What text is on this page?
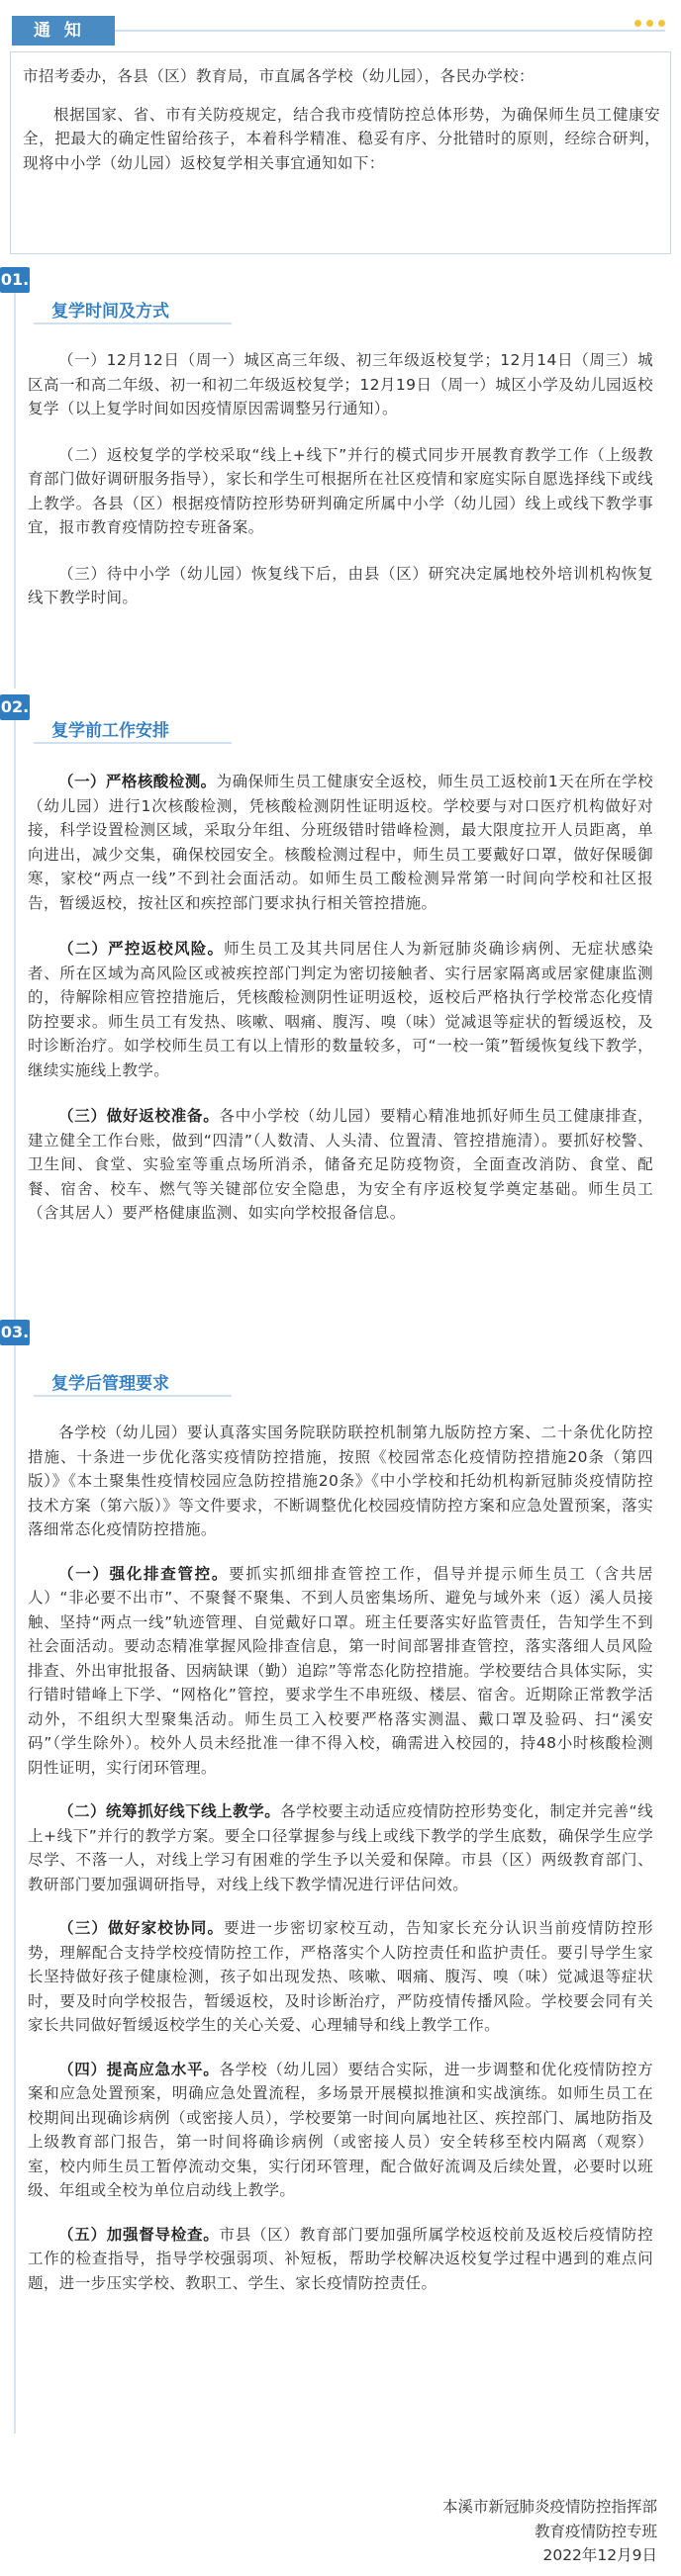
通 知

市招考委办，各县（区）教育局，市直属各学校（幼儿园），各民办学校：

根据国家、省、市有关防疫规定，结合我市疫情防控总体形势，为确保师生员工健康安全，把最大的确定性留给孩子，本着科学精准、稳妥有序、分批错时的原则，经综合研判，现将中小学（幼儿园）返校复学相关事宜通知如下：

01.
复学时间及方式

（一）12月12日（周一）城区高三年级、初三年级返校复学；12月14日（周三）城区高一和高二年级、初一和初二年级返校复学；12月19日（周一）城区小学及幼儿园返校复学（以上复学时间如因疫情原因需调整另行通知）。

（二）返校复学的学校采取“线上+线下”并行的模式同步开展教育教学工作（上级教育部门做好调研服务指导），家长和学生可根据所在社区疫情和家庭实际自愿选择线下或线上教学。各县（区）根据疫情防控形势研判确定所属中小学（幼儿园）线上或线下教学事宜，报市教育疫情防控专班备案。

（三）待中小学（幼儿园）恢复线下后，由县（区）研究决定属地校外培训机构恢复线下教学时间。

02.
复学前工作安排

（一）严格核酸检测。为确保师生员工健康安全返校，师生员工返校前1天在所在学校（幼儿园）进行1次核酸检测，凭核酸检测阴性证明返校。学校要与对口医疗机构做好对接，科学设置检测区域，采取分年组、分班级错时错峰检测，最大限度拉开人员距离，单向进出，减少交集，确保校园安全。核酸检测过程中，师生员工要戴好口罩，做好保暖御寒，家校“两点一线”不到社会面活动。如师生员工酸检测异常第一时间向学校和社区报告，暂缓返校，按社区和疾控部门要求执行相关管控措施。

（二）严控返校风险。师生员工及其共同居住人为新冠肺炎确诊病例、无症状感染者、所在区域为高风险区或被疾控部门判定为密切接触者、实行居家隔离或居家健康监测的，待解除相应管控措施后，凭核酸检测阴性证明返校，返校后严格执行学校常态化疫情防控要求。师生员工有发热、咳嗽、咽痛、腹泻、嗅（味）觉减退等症状的暂缓返校，及时诊断治疗。如学校师生员工有以上情形的数量较多，可“一校一策”暂缓恢复线下教学，继续实施线上教学。

（三）做好返校准备。各中小学校（幼儿园）要精心精准地抓好师生员工健康排查，建立健全工作台账，做到“四清”（人数清、人头清、位置清、管控措施清）。要抓好校警、卫生间、食堂、实验室等重点场所消杀，储备充足防疫物资，全面查改消防、食堂、配餐、宿舍、校车、燃气等关键部位安全隐患，为安全有序返校复学奠定基础。师生员工（含其居人）要严格健康监测、如实向学校报备信息。

03.
复学后管理要求

各学校（幼儿园）要认真落实国务院联防联控机制第九版防控方案、二十条优化防控措施、十条进一步优化落实疫情防控措施，按照《校园常态化疫情防控措施20条（第四版）》《本土聚集性疫情校园应急防控措施20条》《中小学校和托幼机构新冠肺炎疫情防控技术方案（第六版）》等文件要求，不断调整优化校园疫情防控方案和应急处置预案，落实落细常态化疫情防控措施。

（一）强化排查管控。要抓实抓细排查管控工作，倡导并提示师生员工（含共居人）“非必要不出市”、不聚餐不聚集、不到人员密集场所、避免与域外来（返）溪人员接触、坚持“两点一线”轨迹管理、自觉戴好口罩。班主任要落实好监管责任，告知学生不到社会面活动。要动态精准掌握风险排查信息，第一时间部署排查管控，落实落细人员风险排查、外出审批报备、因病缺课（勤）追踪”等常态化防控措施。学校要结合具体实际，实行错时错峰上下学、“网格化”管控，要求学生不串班级、楼层、宿舍。近期除正常教学活动外，不组织大型聚集活动。师生员工入校要严格落实测温、戴口罩及验码、扫“溪安码”（学生除外）。校外人员未经批准一律不得入校，确需进入校园的，持48小时核酸检测阴性证明，实行闭环管理。

（二）统筹抓好线下线上教学。各学校要主动适应疫情防控形势变化，制定并完善“线上+线下”并行的教学方案。要全口径掌握参与线上或线下教学的学生底数，确保学生应学尽学、不落一人，对线上学习有困难的学生予以关爱和保障。市县（区）两级教育部门、教研部门要加强调研指导，对线上线下教学情况进行评估问效。

（三）做好家校协同。要进一步密切家校互动，告知家长充分认识当前疫情防控形势，理解配合支持学校疫情防控工作，严格落实个人防控责任和监护责任。要引导学生家长坚持做好孩子健康检测，孩子如出现发热、咳嗽、咽痛、腹泻、嗅（味）觉减退等症状时，要及时向学校报告，暂缓返校，及时诊断治疗，严防疫情传播风险。学校要会同有关家长共同做好暂缓返校学生的关心关爱、心理辅导和线上教学工作。

（四）提高应急水平。各学校（幼儿园）要结合实际，进一步调整和优化疫情防控方案和应急处置预案，明确应急处置流程，多场景开展模拟推演和实战演练。如师生员工在校期间出现确诊病例（或密接人员），学校要第一时间向属地社区、疾控部门、属地防指及上级教育部门报告，第一时间将确诊病例（或密接人员）安全转移至校内隔离（观察）室，校内师生员工暂停流动交集，实行闭环管理，配合做好流调及后续处置，必要时以班级、年组或全校为单位启动线上教学。

（五）加强督导检查。市县（区）教育部门要加强所属学校返校前及返校后疫情防控工作的检查指导，指导学校强弱项、补短板，帮助学校解决返校复学过程中遇到的难点问题，进一步压实学校、教职工、学生、家长疫情防控责任。

本溪市新冠肺炎疫情防控指挥部
教育疫情防控专班
2022年12月9日
